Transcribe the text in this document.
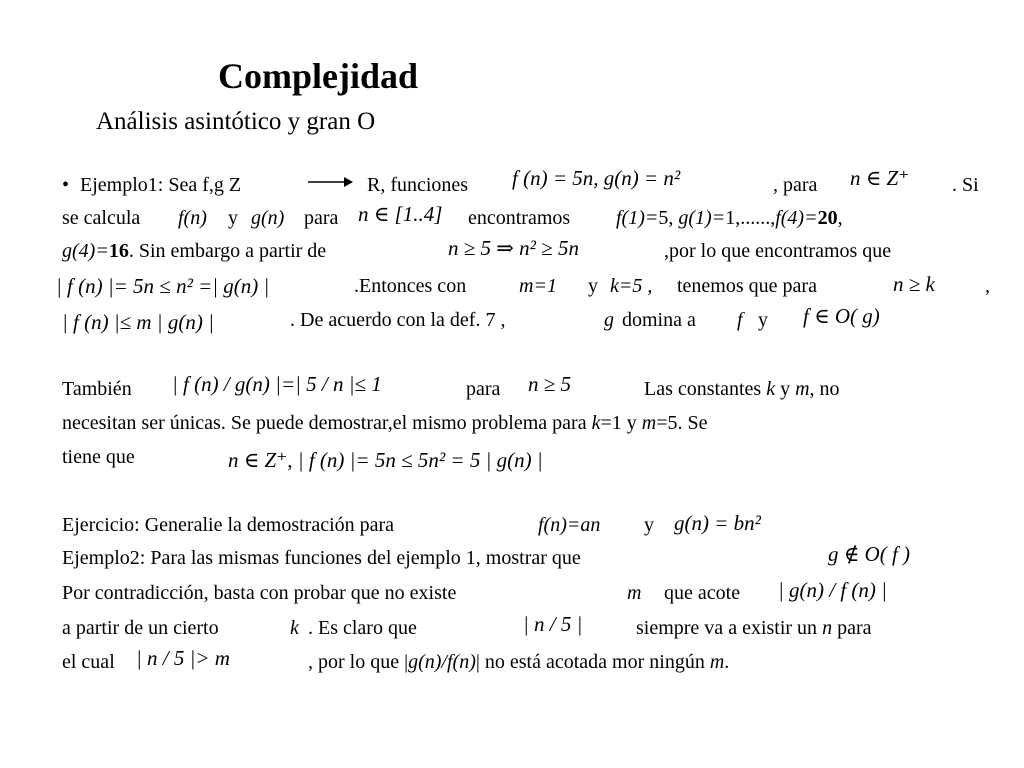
Complejidad
Análisis asintótico y gran O
• Ejemplo1: Sea f,g Z	R, funciones f (n) = 5n, g(n) = n²	, para n ∈ Z⁺ . Si
se calcula f(n) y g(n) para n ∈ [1..4] encontramos f(1)=5, g(1)=1,......,f(4)=20,
g(4)=16. Sin embargo a partir de	n ≥ 5 ⇒ n² ≥ 5n	,por lo que encontramos que
| f (n) |= 5n ≤ n² =| g(n) |	.Entonces con	m=1 y k=5 , tenemos que para	n ≥ k	,
| f (n) |≤ m | g(n) |	. De acuerdo con la def. 7 ,	g domina a f y f ∈ O( g)
También | f (n) / g(n) |=| 5 / n |≤ 1	para n ≥ 5	Las constantes k y m, no
necesitan ser únicas. Se puede demostrar,el mismo problema para k=1 y m=5. Se
tiene que	n ∈ Z⁺, | f (n) |= 5n ≤ 5n² = 5 | g(n) |
Ejercicio: Generalie la demostración para	f(n)=an y g(n) = bn²
Ejemplo2: Para las mismas funciones del ejemplo 1, mostrar que	g ∉ O( f )
Por contradicción, basta con probar que no existe	m que acote | g(n) / f (n) |
a partir de un cierto	k . Es claro que	| n / 5 |	siempre va a existir un n para
el cual | n / 5 |> m	, por lo que |g(n)/f(n)| no está acotada mor ningún m.
